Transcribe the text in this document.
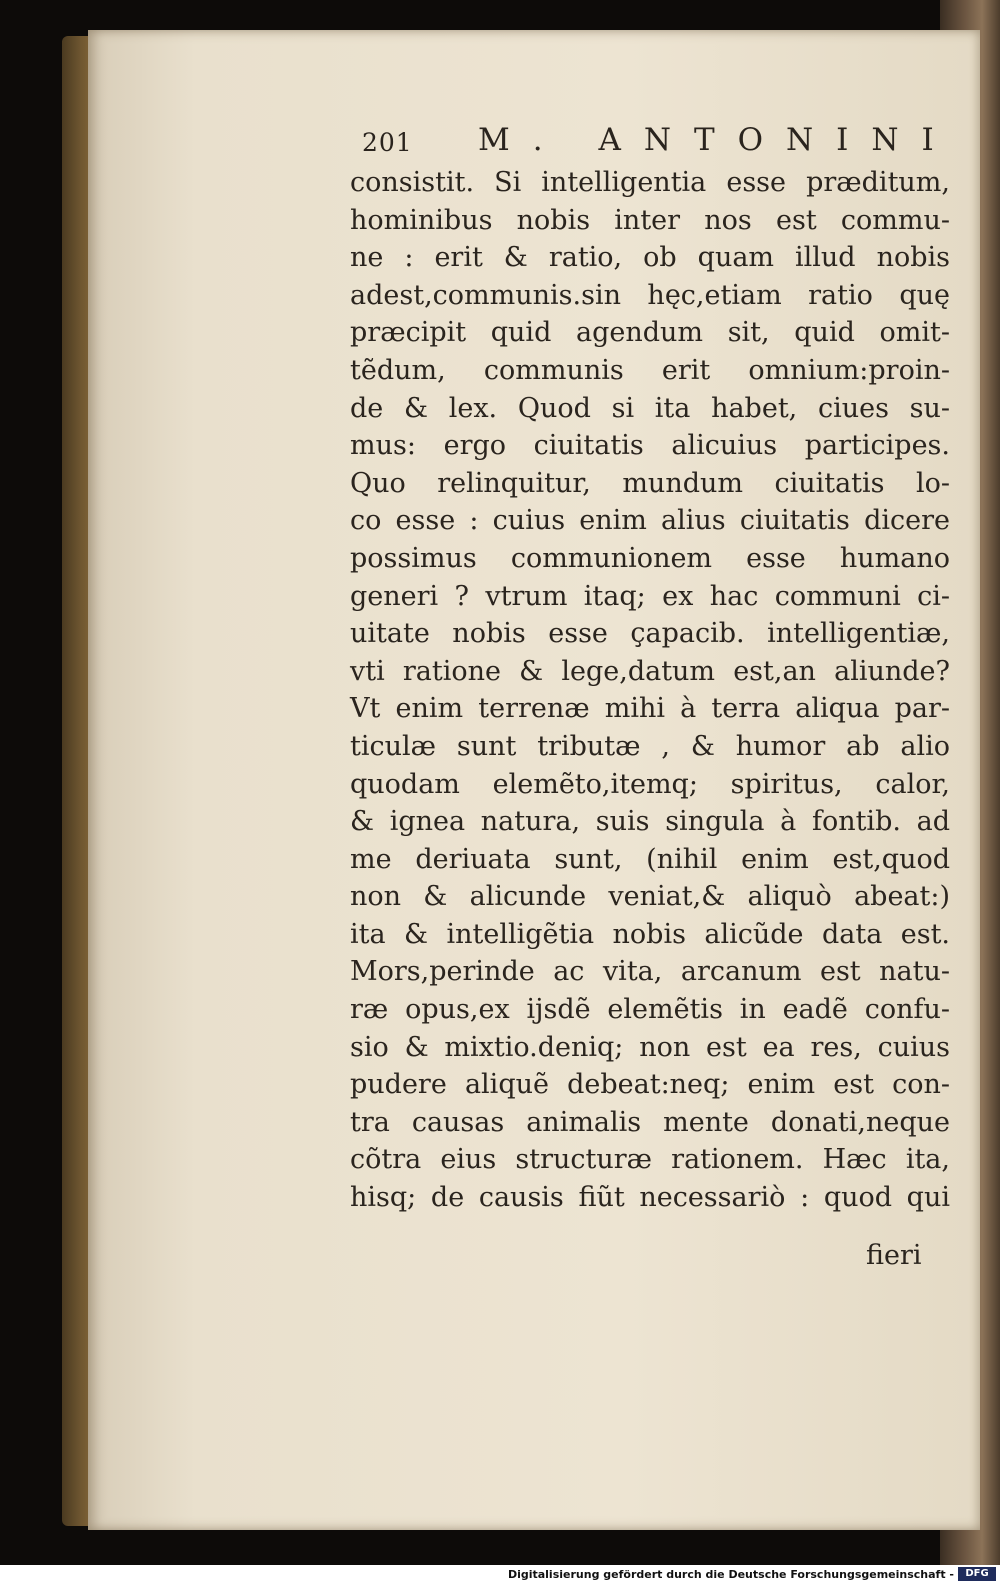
201 M. ANTONINI
consistit. Si intelligentia esse præditum,
hominibus nobis inter nos est commu-
ne : erit & ratio, ob quam illud nobis
adest,communis.sin hęc,etiam ratio quę
præcipit quid agendum sit, quid omit-
tẽdum, communis erit omnium:proin-
de & lex. Quod si ita habet, ciues su-
mus: ergo ciuitatis alicuius participes.
Quo relinquitur, mundum ciuitatis lo-
co esse : cuius enim alius ciuitatis dicere
possimus communionem esse humano
generi ? vtrum itaq; ex hac communi ci-
uitate nobis esse çapacib. intelligentiæ,
vti ratione & lege,datum est,an aliunde?
Vt enim terrenæ mihi à terra aliqua par-
ticulæ sunt tributæ , & humor ab alio
quodam elemẽto,itemq; spiritus, calor,
& ignea natura, suis singula à fontib. ad
me deriuata sunt, (nihil enim est,quod
non & alicunde veniat,& aliquò abeat:)
ita & intelligẽtia nobis alicũde data est.
Mors,perinde ac vita, arcanum est natu-
ræ opus,ex ijsdẽ elemẽtis in eadẽ confu-
sio & mixtio.deniq; non est ea res, cuius
pudere aliquẽ debeat:neq; enim est con-
tra causas animalis mente donati,neque
cõtra eius structuræ rationem. Hæc ita,
hisq; de causis fiũt necessariò : quod qui
fieri
Digitalisierung gefördert durch die Deutsche Forschungsgemeinschaft -	DFG
